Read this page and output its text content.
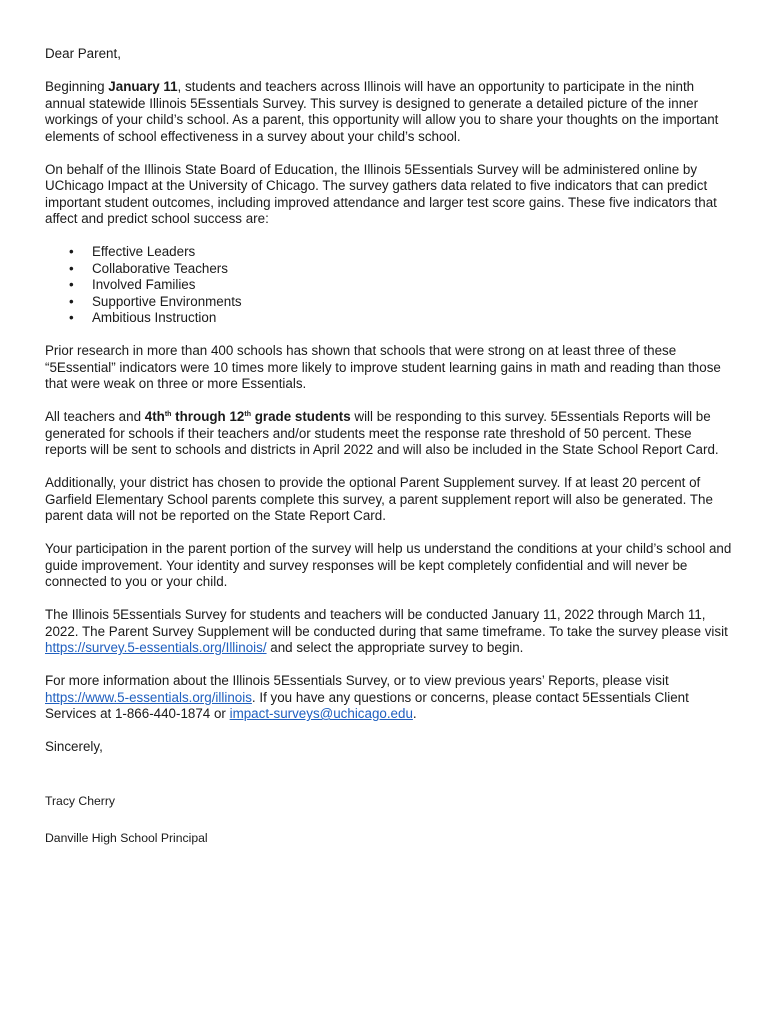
Dear Parent,

Beginning January 11, students and teachers across Illinois will have an opportunity to participate in the ninth annual statewide Illinois 5Essentials Survey. This survey is designed to generate a detailed picture of the inner workings of your child’s school. As a parent, this opportunity will allow you to share your thoughts on the important elements of school effectiveness in a survey about your child’s school.

On behalf of the Illinois State Board of Education, the Illinois 5Essentials Survey will be administered online by UChicago Impact at the University of Chicago. The survey gathers data related to five indicators that can predict important student outcomes, including improved attendance and larger test score gains. These five indicators that affect and predict school success are:

• Effective Leaders
• Collaborative Teachers
• Involved Families
• Supportive Environments
• Ambitious Instruction

Prior research in more than 400 schools has shown that schools that were strong on at least three of these “5Essential” indicators were 10 times more likely to improve student learning gains in math and reading than those that were weak on three or more Essentials.

All teachers and $4th^{th}$ through 12th grade students will be responding to this survey. 5Essentials Reports will be generated for schools if their teachers and/or students meet the response rate threshold of 50 percent. These reports will be sent to schools and districts in April 2022 and will also be included in the State School Report Card.

Additionally, your district has chosen to provide the optional Parent Supplement survey. If at least 20 percent of Garfield Elementary School parents complete this survey, a parent supplement report will also be generated. The parent data will not be reported on the State Report Card.

Your participation in the parent portion of the survey will help us understand the conditions at your child’s school and guide improvement. Your identity and survey responses will be kept completely confidential and will never be connected to you or your child.

The Illinois 5Essentials Survey for students and teachers will be conducted January 11, 2022 through March 11, 2022. The Parent Survey Supplement will be conducted during that same timeframe. To take the survey please visit https://survey.5-essentials.org/Illinois/ and select the appropriate survey to begin.

For more information about the Illinois 5Essentials Survey, or to view previous years’ Reports, please visit https://www.5-essentials.org/illinois. If you have any questions or concerns, please contact 5Essentials Client Services at 1-866-440-1874 or impact-surveys@uchicago.edu.

Sincerely,

Tracy Cherry
Danville High School Principal
